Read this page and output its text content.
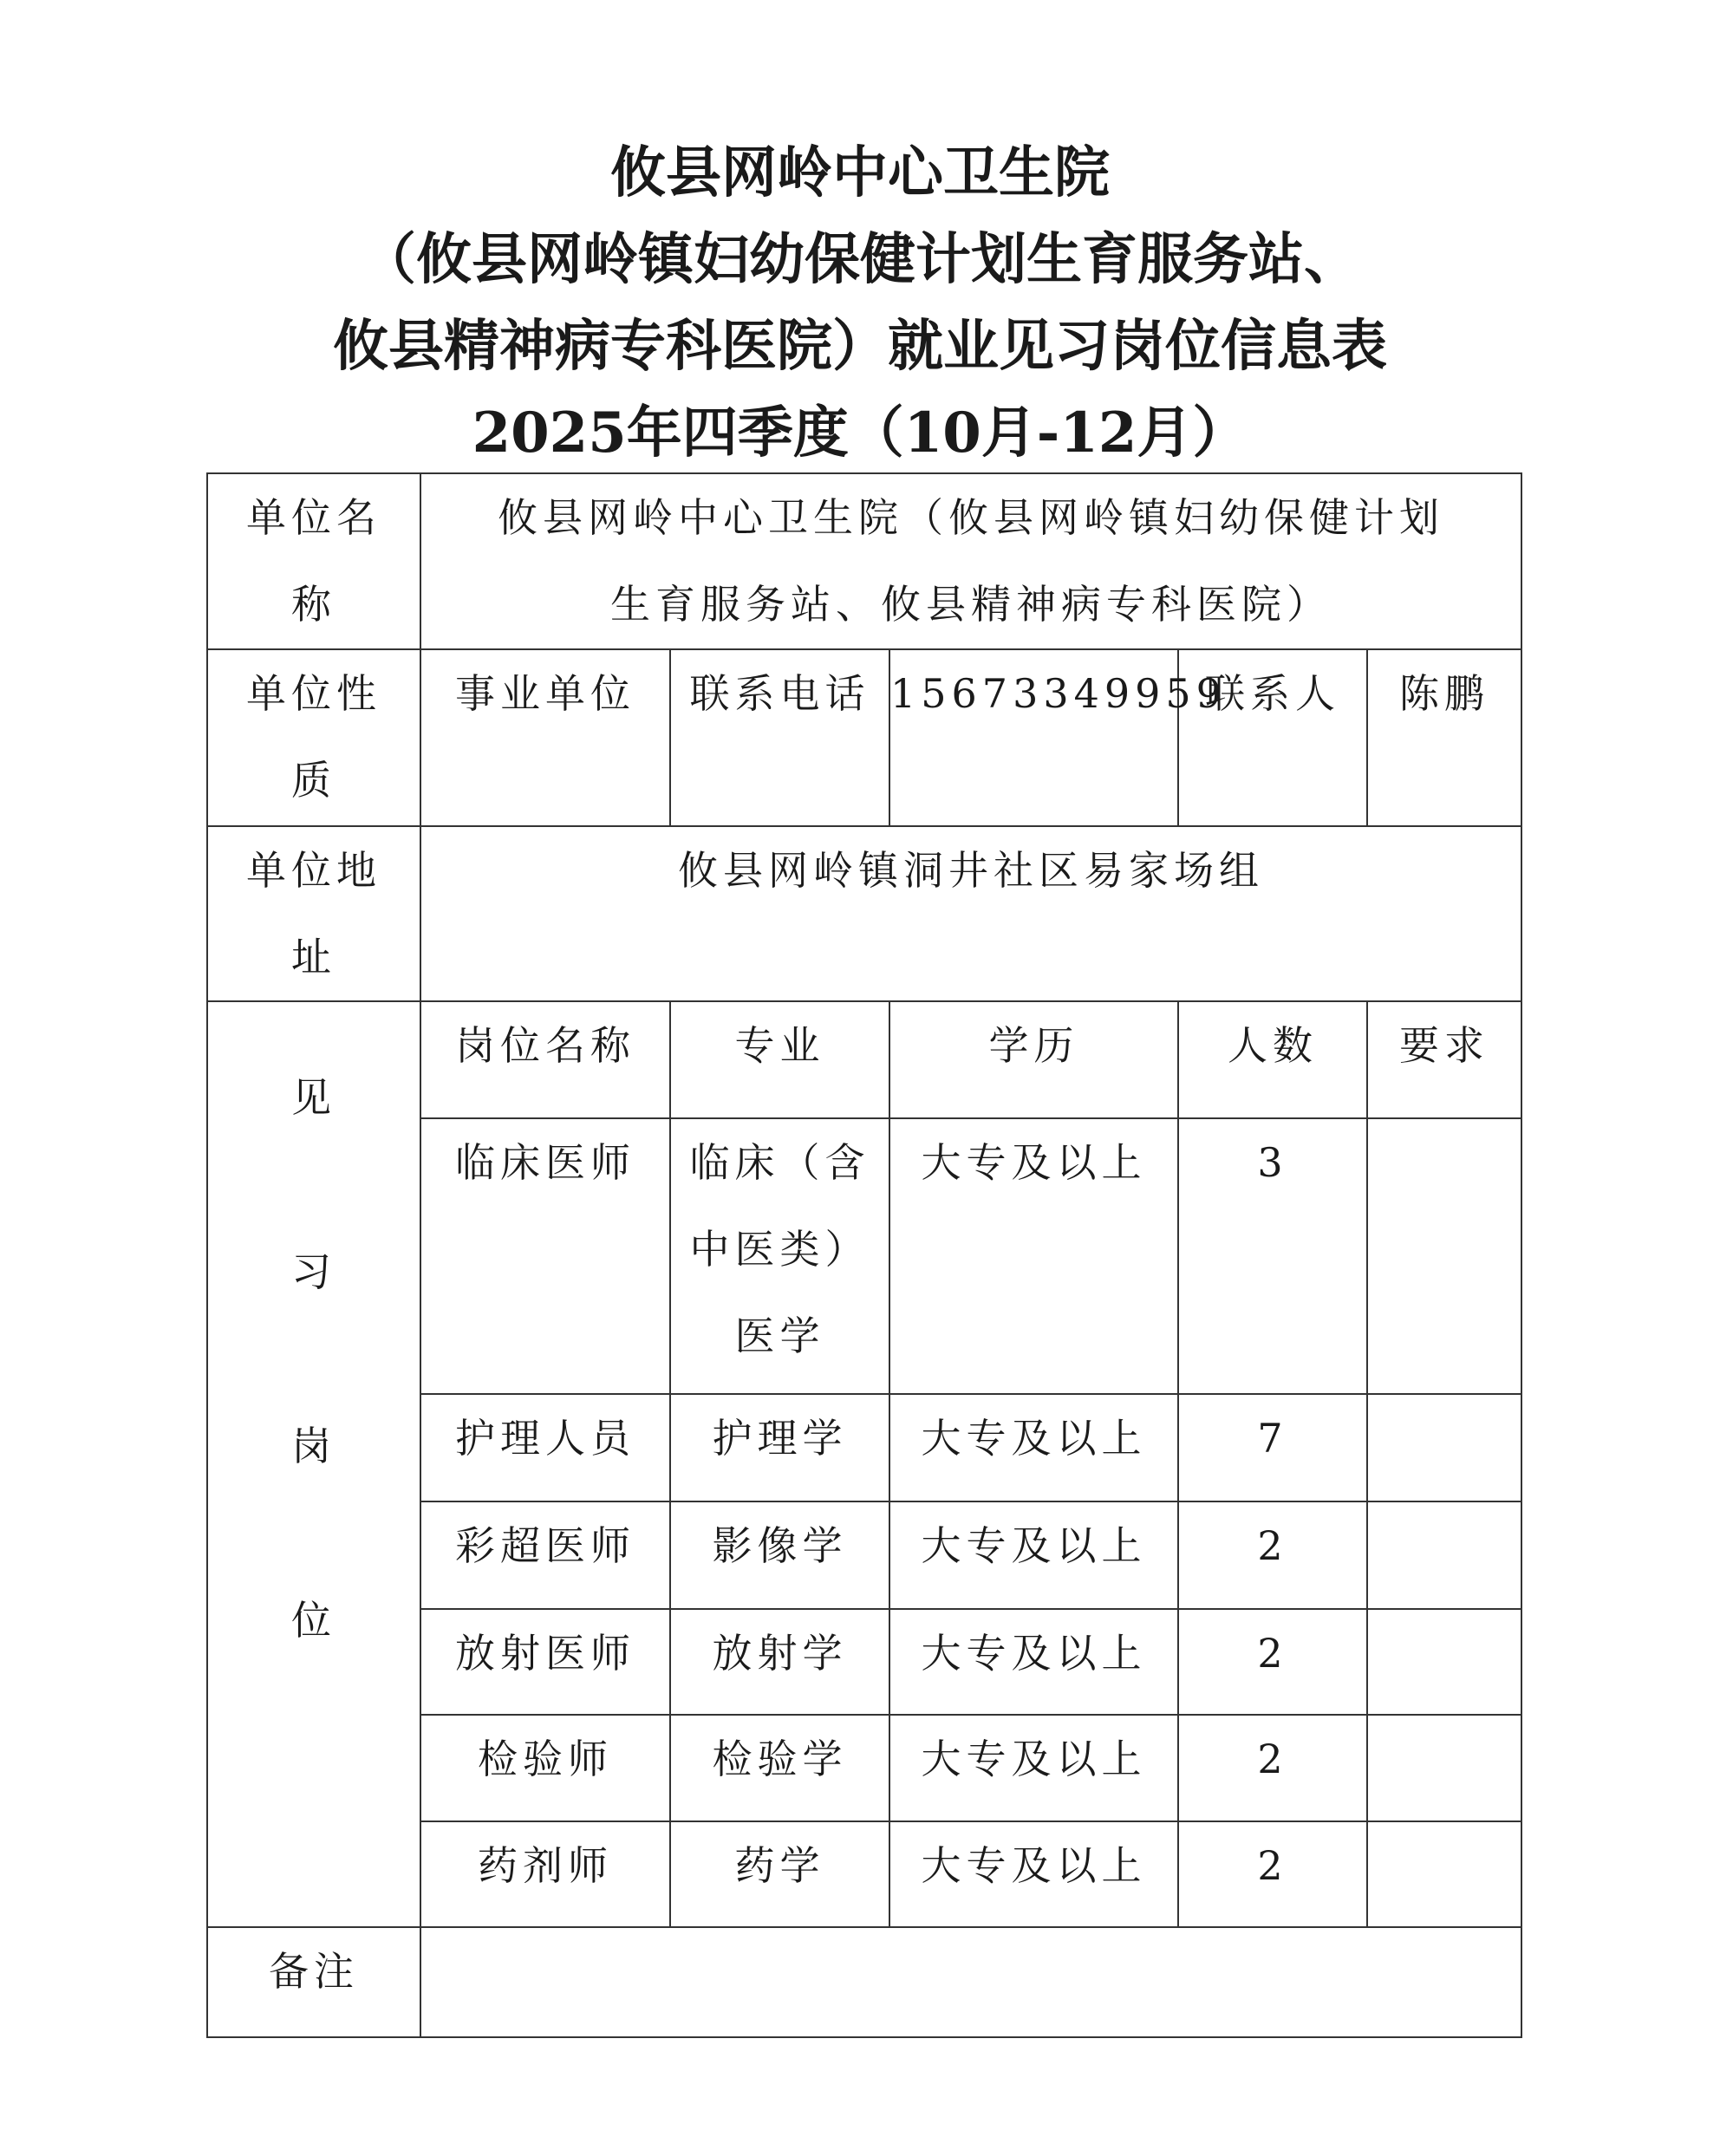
攸县网岭中心卫生院
（攸县网岭镇妇幼保健计划生育服务站、
攸县精神病专科医院）就业见习岗位信息表
2025年四季度（10月-12月）
单位名
称	攸县网岭中心卫生院（攸县网岭镇妇幼保健计划
生育服务站、攸县精神病专科医院）				

单位性
质	事业单位	联系电话	15673349959	联系人	陈鹏

单位地
址	攸县网岭镇洞井社区易家场组				

见
习
岗
位	岗位名称	专业	学历	人数	要求
	临床医师	临床（含
中医类）
医学	大专及以上	3	
	护理人员	护理学	大专及以上	7	
	彩超医师	影像学	大专及以上	2	
	放射医师	放射学	大专及以上	2	
	检验师	检验学	大专及以上	2	
	药剂师	药学	大专及以上	2	
备注					
